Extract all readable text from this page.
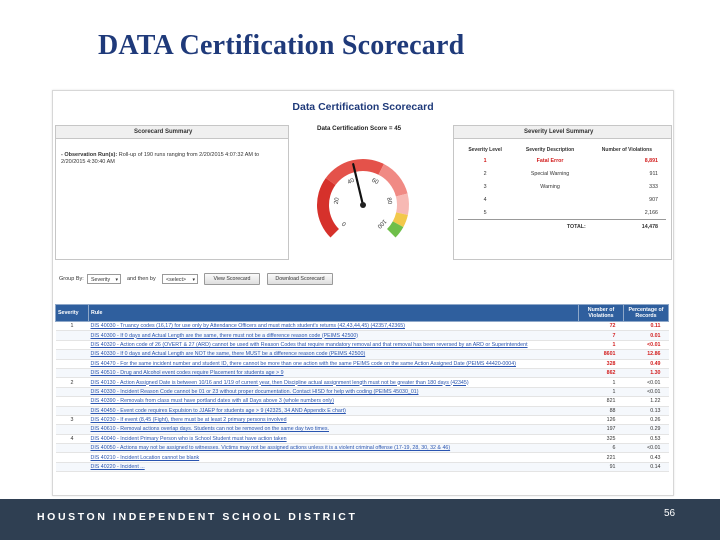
DATA Certification Scorecard
Data Certification Scorecard
Scorecard Summary
- Observation Run(s): Roll-up of 190 runs ranging from 2/20/2015 4:07:32 AM to 2/20/2015 4:30:40 AM
Data Certification Score = 45
0
20
40 60
80
100
Severity Level Summary
Severity Level	Severity Description	Number of Violations
1	Fatal Error	8,891
2	Special Warning	911
3	Warning	333
4		907
5		2,166
	TOTAL:	14,478
Group By:	Severity ▾ and then by	<select> ▾	View Scorecard	Download Scorecard
Severity	Rule	Number of Violations	Percentage of Records
1	DIS 40030 - Truancy codes (16,17) for use only by Attendance Officers and must match student's returns (42,43,44,45) (42357,42365)	72	0.11
	DIS 40300 - If 0 days and Actual Length are the same, there must not be a difference reason code (PEIMS 42500)	7	0.01
	DIS 40320 - Action code of 26 (OVERT & 27 (ARD) cannot be used with Reason Codes that require mandatory removal and that removal has been reversed by an ARD or Superintendent	1	<0.01
	DIS 40330 - If 0 days and Actual Length are NOT the same, there MUST be a difference reason code (PEIMS 42500)	8601	12.86
	DIS 40470 - For the same incident number and student ID, there cannot be more than one action with the same PEIMS code on the same Action Assigned Date (PEIMS 44420-0004)	328	0.49
	DIS 40510 - Drug and Alcohol event codes require Placement for students age > 9	862	1.30
2	DIS 40130 - Action Assigned Date is between 10/16 and 1/19 of current year, then Discipline actual assignment length must not be greater than 180 days (42345)	1	<0.01
	DIS 40330 - Incident Reason Code cannot be 01 or 23 without proper documentation. Contact HISD for help with coding (PEIMS 45030_01)	1	<0.01
	DIS 40390 - Removals from class must have portland dates with all Days above 3 (whole numbers only)	821	1.22
	DIS 40450 - Event code requires Expulsion to JJAEP for students age > 9 (42325, 34 AND Appendix E chart)	88	0.13
3	DIS 40230 - If event (8,45 (Fight), there must be at least 2 primary persons involved	126	0.26
	DIS 40610 - Removal actions overlap days. Students can not be removed on the same day two times.	197	0.29
4	DIS 40040 - Incident Primary Person who is School Student must have action taken	325	0.53
	DIS 40050 - Actions may not be assigned to witnesses. Victims may not be assigned actions unless it is a violent criminal offense (17-19, 28, 30, 32 & 46)	6	<0.01
	DIS 40210 - Incident Location cannot be blank	221	0.43
	DIS 40220 - Incident ...	91	0.14
HOUSTON INDEPENDENT SCHOOL DISTRICT	56
